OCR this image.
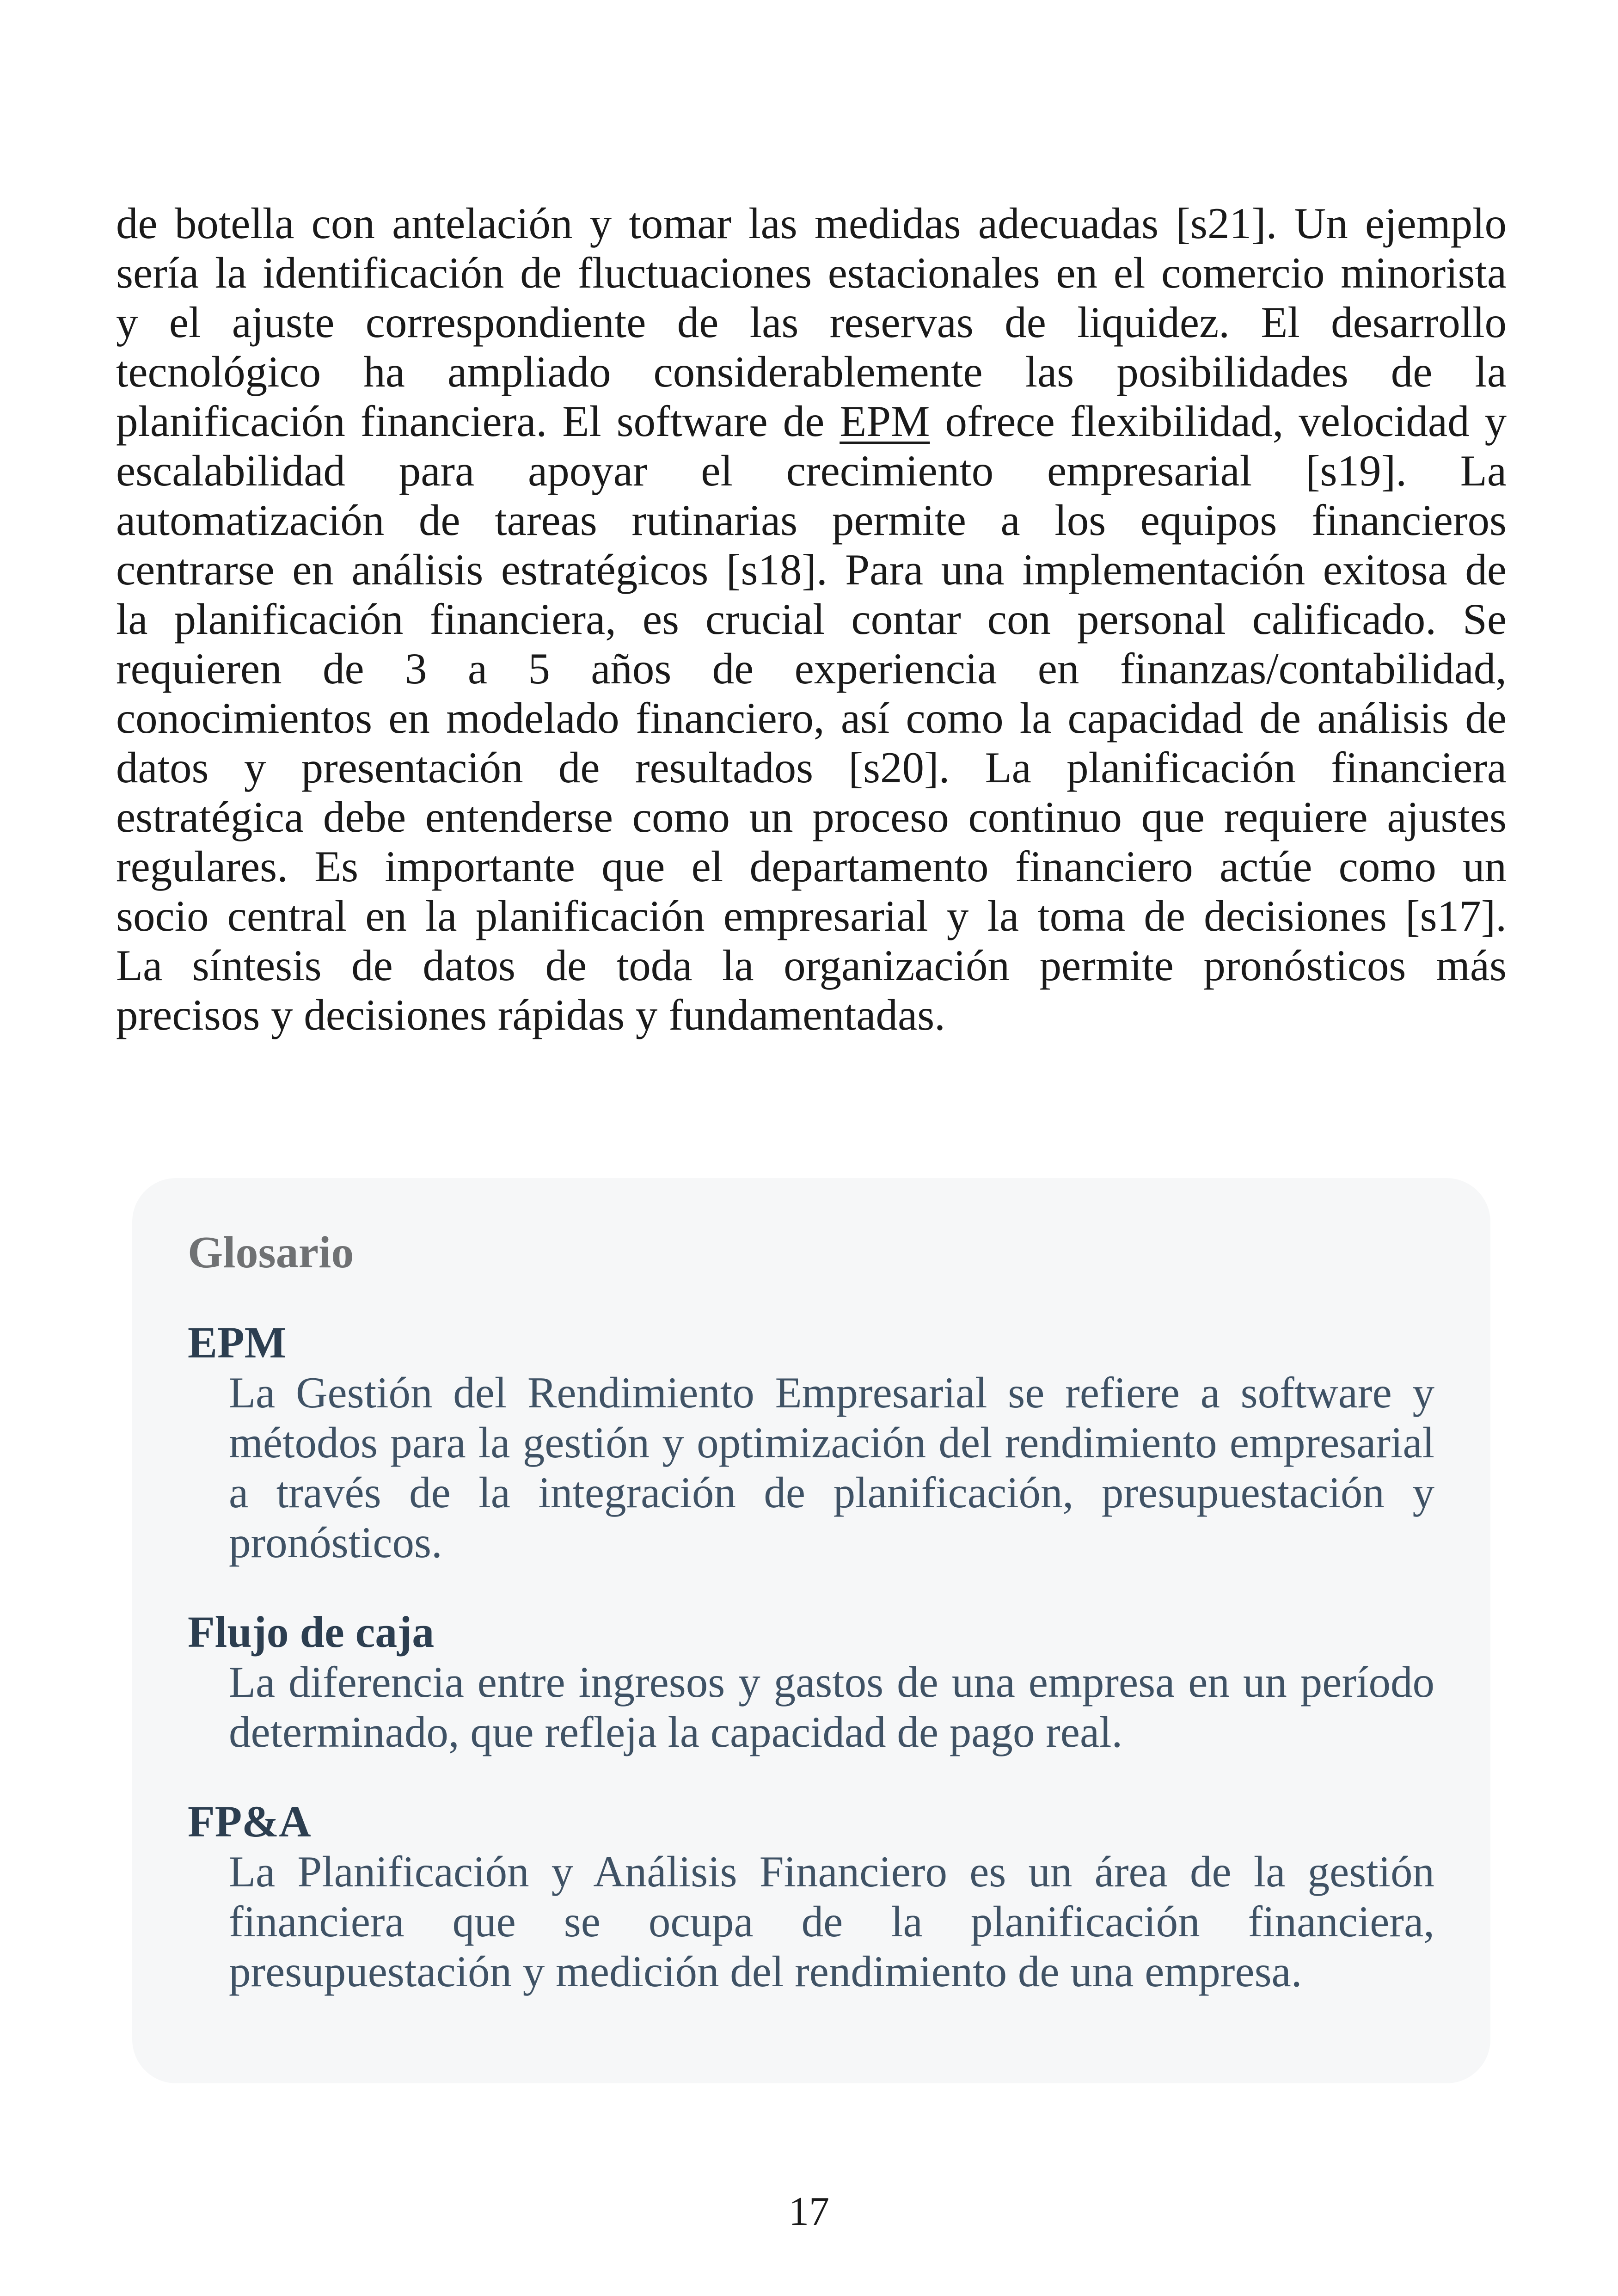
de botella con antelación y tomar las medidas adecuadas [s21]. Un ejemplo
sería la identificación de fluctuaciones estacionales en el comercio minorista
y el ajuste correspondiente de las reservas de liquidez. El desarrollo
tecnológico ha ampliado considerablemente las posibilidades de la
planificación financiera. El software de EPM ofrece flexibilidad, velocidad y
escalabilidad para apoyar el crecimiento empresarial [s19]. La
automatización de tareas rutinarias permite a los equipos financieros
centrarse en análisis estratégicos [s18]. Para una implementación exitosa de
la planificación financiera, es crucial contar con personal calificado. Se
requieren de 3 a 5 años de experiencia en finanzas/contabilidad,
conocimientos en modelado financiero, así como la capacidad de análisis de
datos y presentación de resultados [s20]. La planificación financiera
estratégica debe entenderse como un proceso continuo que requiere ajustes
regulares. Es importante que el departamento financiero actúe como un
socio central en la planificación empresarial y la toma de decisiones [s17].
La síntesis de datos de toda la organización permite pronósticos más
precisos y decisiones rápidas y fundamentadas.
Glosario
EPM
La Gestión del Rendimiento Empresarial se refiere a software y
métodos para la gestión y optimización del rendimiento empresarial
a través de la integración de planificación, presupuestación y
pronósticos.
Flujo de caja
La diferencia entre ingresos y gastos de una empresa en un período
determinado, que refleja la capacidad de pago real.
FP&A
La Planificación y Análisis Financiero es un área de la gestión
financiera que se ocupa de la planificación financiera,
presupuestación y medición del rendimiento de una empresa.
17
